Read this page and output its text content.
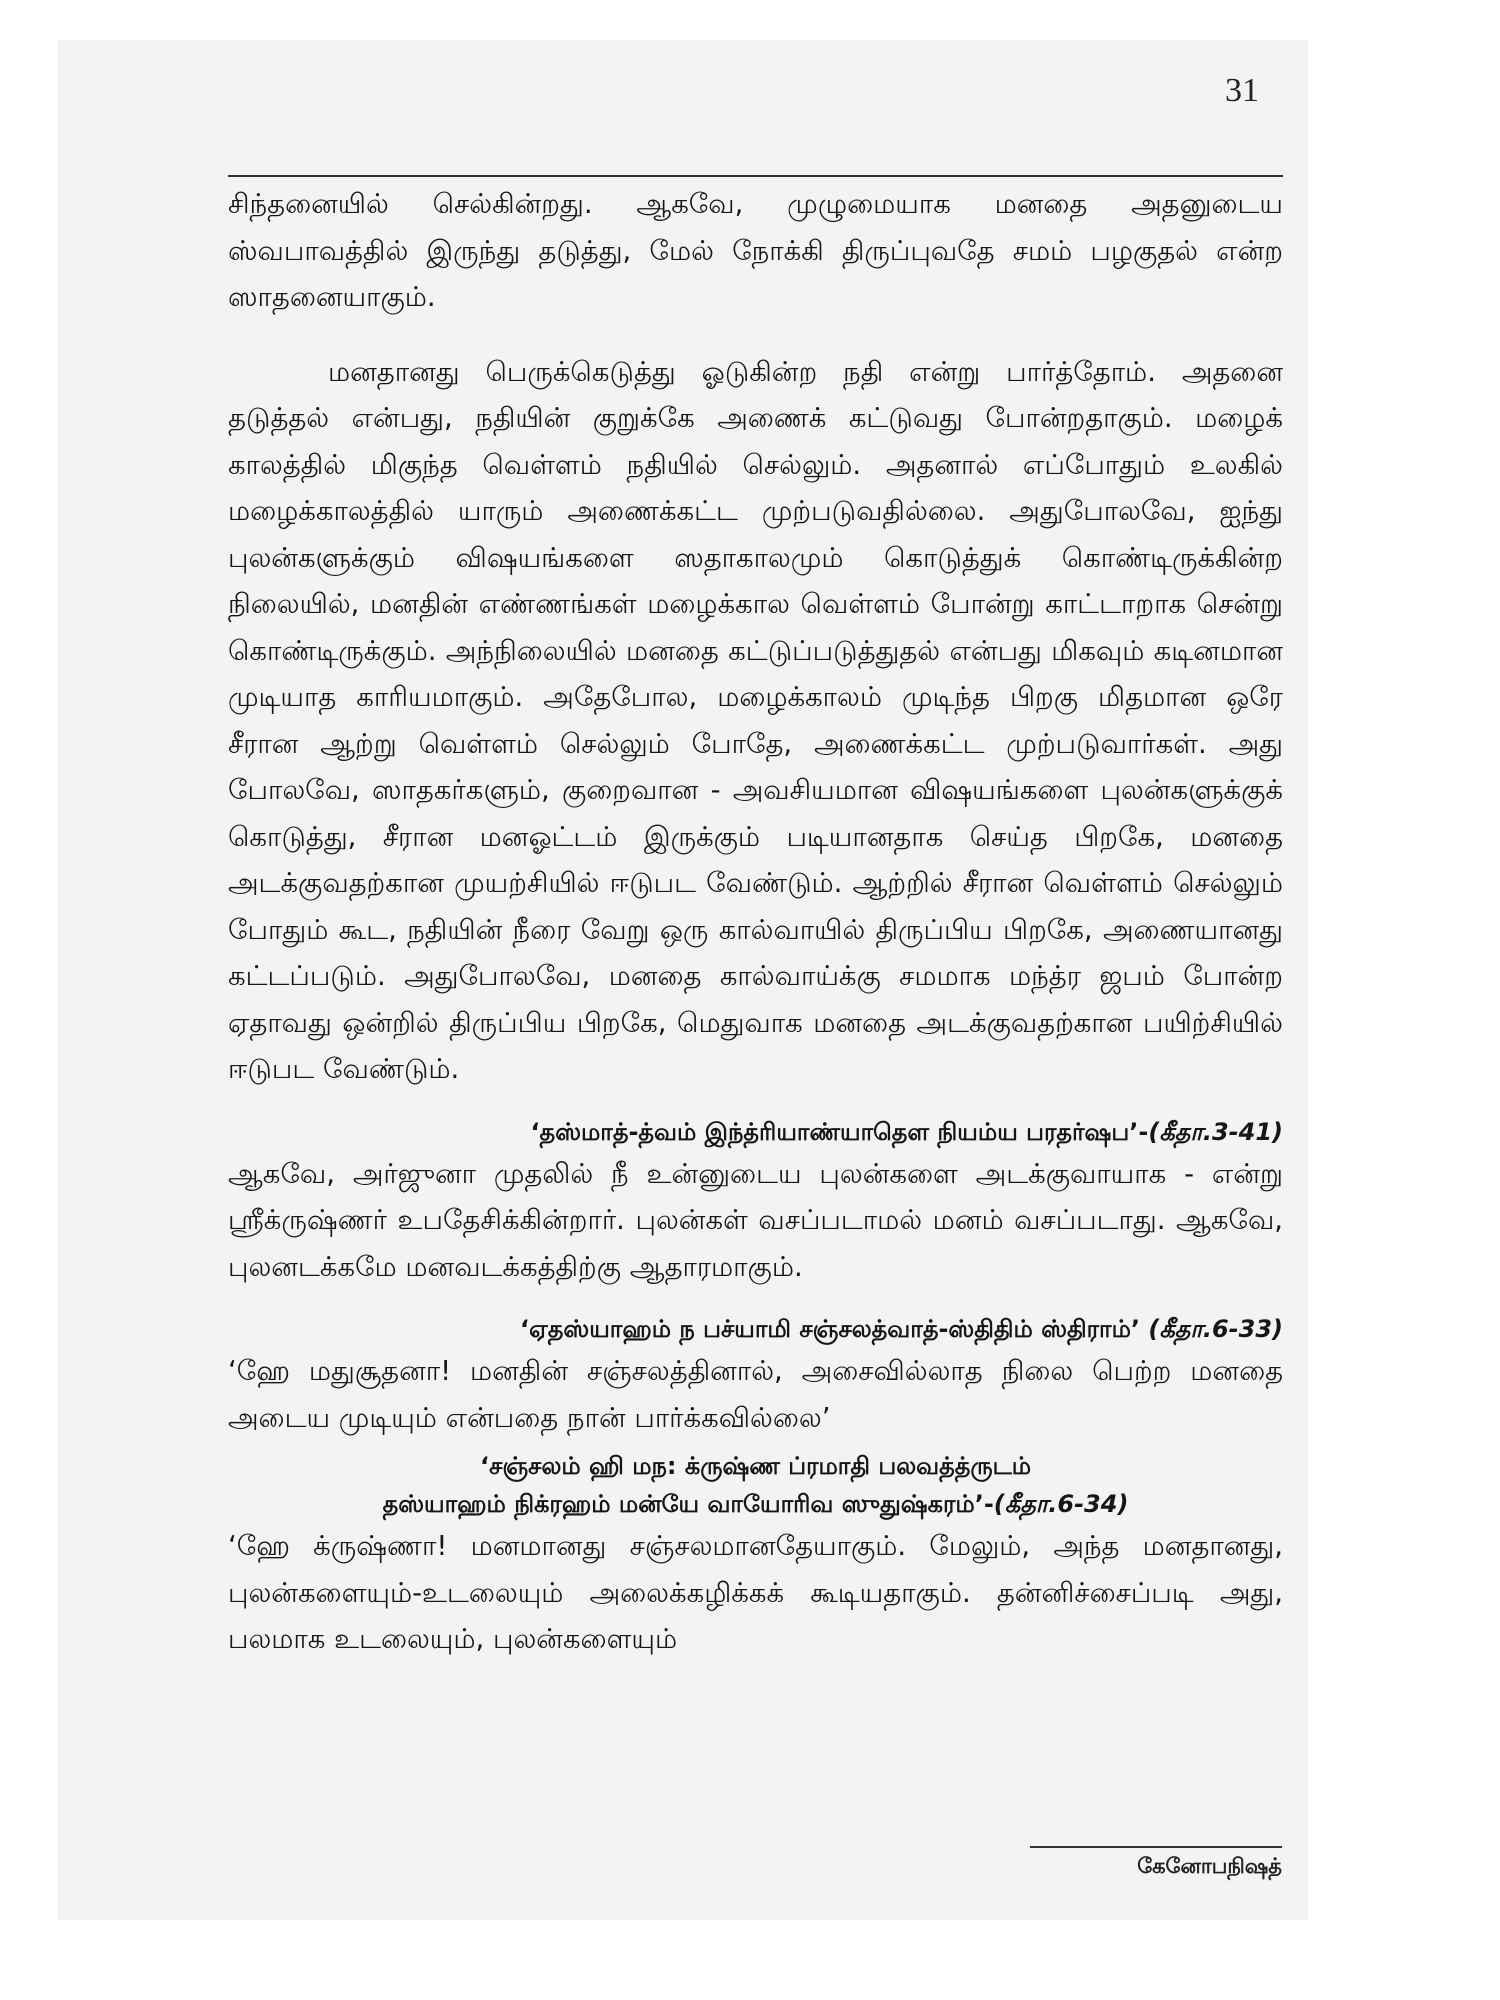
31

சிந்தனையில் செல்கின்றது. ஆகவே, முழுமையாக மனதை அதனுடைய ஸ்வபாவத்தில் இருந்து தடுத்து, மேல் நோக்கி திருப்புவதே சமம் பழகுதல் என்ற ஸாதனையாகும்.

மனதானது பெருக்கெடுத்து ஓடுகின்ற நதி என்று பார்த்தோம். அதனை தடுத்தல் என்பது, நதியின் குறுக்கே அணைக் கட்டுவது போன்றதாகும். மழைக் காலத்தில் மிகுந்த வெள்ளம் நதியில் செல்லும். அதனால் எப்போதும் உலகில் மழைக்காலத்தில் யாரும் அணைக்கட்ட முற்படுவதில்லை. அதுபோலவே, ஐந்து புலன்களுக்கும் விஷயங்களை ஸதாகாலமும் கொடுத்துக் கொண்டிருக்கின்ற நிலையில், மனதின் எண்ணங்கள் மழைக்கால வெள்ளம் போன்று காட்டாறாக சென்று கொண்டிருக்கும். அந்நிலையில் மனதை கட்டுப்படுத்துதல் என்பது மிகவும் கடினமான முடியாத காரியமாகும். அதேபோல, மழைக்காலம் முடிந்த பிறகு மிதமான ஒரே சீரான ஆற்று வெள்ளம் செல்லும் போதே, அணைக்கட்ட முற்படுவார்கள். அது போலவே, ஸாதகர்களும், குறைவான - அவசியமான விஷயங்களை புலன்களுக்குக் கொடுத்து, சீரான மனஓட்டம் இருக்கும் படியானதாக செய்த பிறகே, மனதை அடக்குவதற்கான முயற்சியில் ஈடுபட வேண்டும். ஆற்றில் சீரான வெள்ளம் செல்லும் போதும் கூட, நதியின் நீரை வேறு ஒரு கால்வாயில் திருப்பிய பிறகே, அணையானது கட்டப்படும். அதுபோலவே, மனதை கால்வாய்க்கு சமமாக மந்த்ர ஜபம் போன்ற ஏதாவது ஒன்றில் திருப்பிய பிறகே, மெதுவாக மனதை அடக்குவதற்கான பயிற்சியில் ஈடுபட வேண்டும்.

‘தஸ்மாத்-த்வம் இந்த்ரியாண்யாதௌ நியம்ய பரதர்ஷப’-(கீதா.3-41)

ஆகவே, அர்ஜுனா முதலில் நீ உன்னுடைய புலன்களை அடக்குவாயாக - என்று ஸ்ரீக்ருஷ்ணர் உபதேசிக்கின்றார். புலன்கள் வசப்படாமல் மனம் வசப்படாது. ஆகவே, புலனடக்கமே மனவடக்கத்திற்கு ஆதாரமாகும்.

‘ஏதஸ்யாஹம் ந பச்யாமி சஞ்சலத்வாத்-ஸ்திதிம் ஸ்திராம்’ (கீதா.6-33)

‘ஹே மதுசூதனா! மனதின் சஞ்சலத்தினால், அசைவில்லாத நிலை பெற்ற மனதை அடைய முடியும் என்பதை நான் பார்க்கவில்லை’

‘சஞ்சலம் ஹி மந: க்ருஷ்ண ப்ரமாதி பலவத்த்ருடம்

தஸ்யாஹம் நிக்ரஹம் மன்யே வாயோரிவ ஸுதுஷ்கரம்’-(கீதா.6-34)

‘ஹே க்ருஷ்ணா! மனமானது சஞ்சலமானதேயாகும். மேலும், அந்த மனதானது, புலன்களையும்-உடலையும் அலைக்கழிக்கக் கூடியதாகும். தன்னிச்சைப்படி அது, பலமாக உடலையும், புலன்களையும்

கேனோபநிஷத்
